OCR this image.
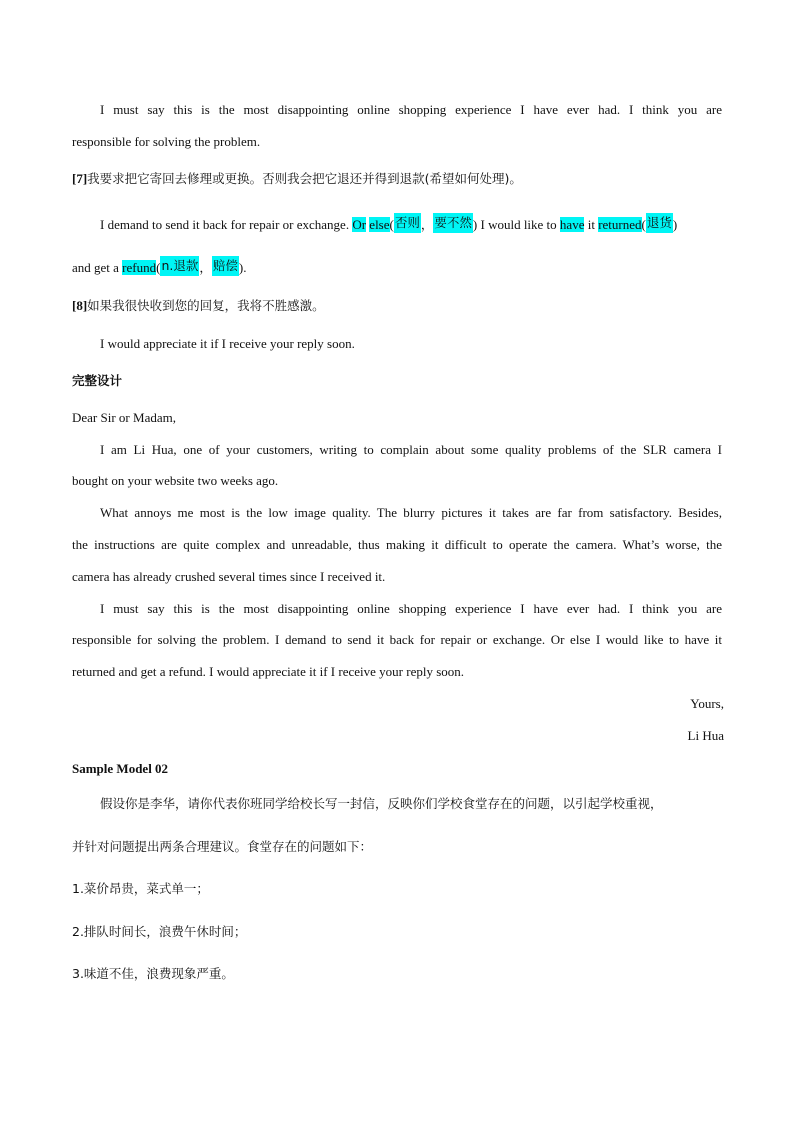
I must say this is the most disappointing online shopping experience I have ever had. I think you are
responsible for solving the problem.
[7]我要求把它寄回去修理或更换。否则我会把它退还并得到退款(希望如何处理)。
I demand to send it back for repair or exchange. Or else(否则，要不然) I would like to have it returned(退货)
and get a refund(n.退款，赔偿).
[8]如果我很快收到您的回复，我将不胜感激。
I would appreciate it if I receive your reply soon.
完整设计
Dear Sir or Madam,
I am Li Hua, one of your customers, writing to complain about some quality problems of the SLR camera I
bought on your website two weeks ago.
What annoys me most is the low image quality. The blurry pictures it takes are far from satisfactory. Besides,
the instructions are quite complex and unreadable, thus making it difficult to operate the camera. What’s worse, the
camera has already crushed several times since I received it.
I must say this is the most disappointing online shopping experience I have ever had. I think you are
responsible for solving the problem. I demand to send it back for repair or exchange. Or else I would like to have it
returned and get a refund. I would appreciate it if I receive your reply soon.
Yours,
Li Hua
Sample Model 02
假设你是李华，请你代表你班同学给校长写一封信，反映你们学校食堂存在的问题，以引起学校重视，
并针对问题提出两条合理建议。食堂存在的问题如下：
1.菜价昂贵，菜式单一；
2.排队时间长，浪费午休时间；
3.味道不佳，浪费现象严重。
